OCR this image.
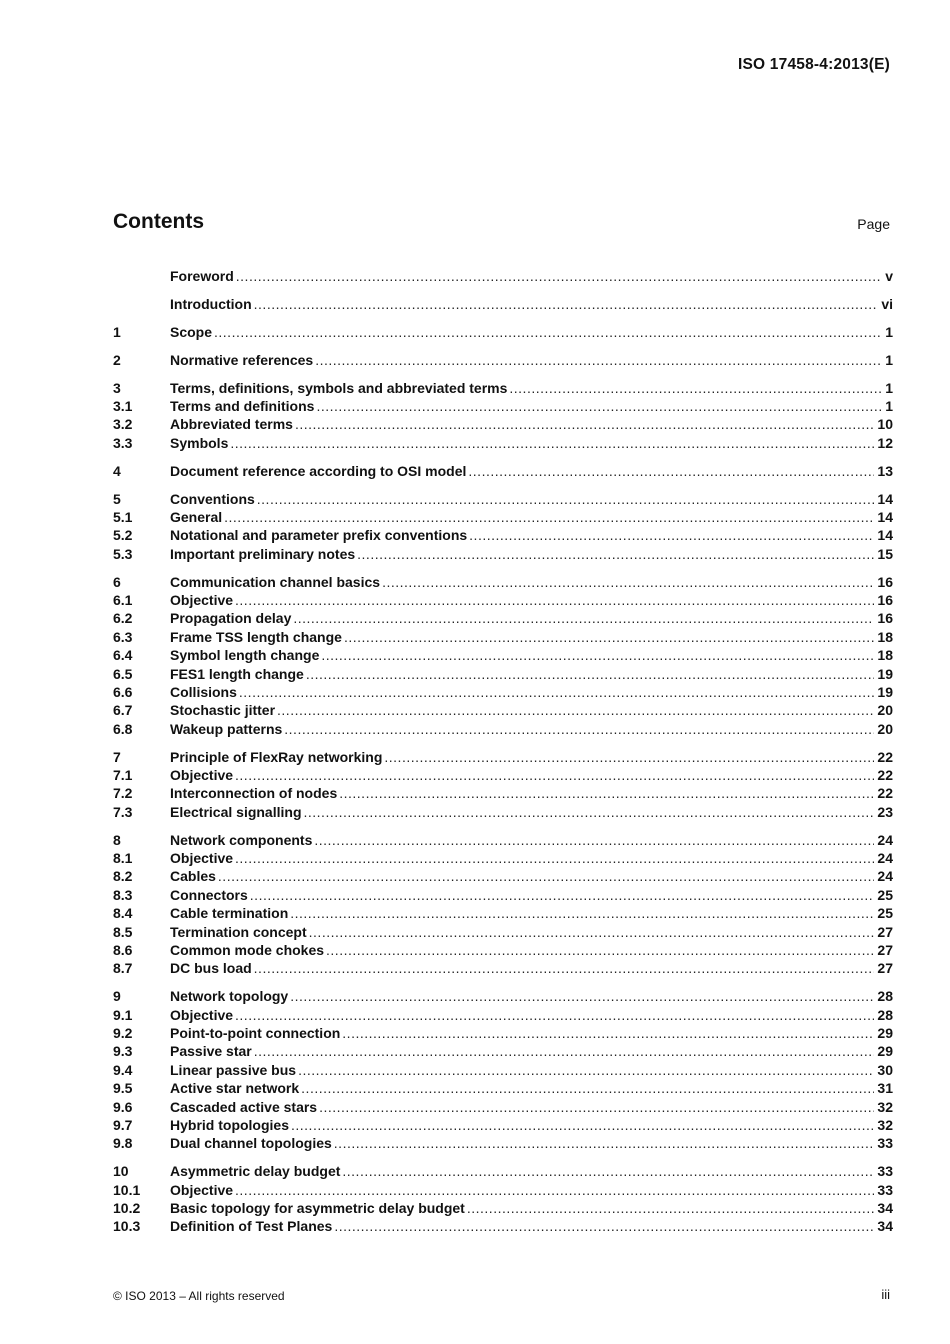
ISO 17458-4:2013(E)
Contents	Page
Foreword .....	v
Introduction .....	vi
1	Scope .....	1
2	Normative references .....	1
3	Terms, definitions, symbols and abbreviated terms .....	1
3.1	Terms and definitions .....	1
3.2	Abbreviated terms .....	10
3.3	Symbols .....	12
4	Document reference according to OSI model .....	13
5	Conventions .....	14
5.1	General .....	14
5.2	Notational and parameter prefix conventions .....	14
5.3	Important preliminary notes .....	15
6	Communication channel basics .....	16
6.1	Objective .....	16
6.2	Propagation delay .....	16
6.3	Frame TSS length change .....	18
6.4	Symbol length change .....	18
6.5	FES1 length change .....	19
6.6	Collisions .....	19
6.7	Stochastic jitter .....	20
6.8	Wakeup patterns .....	20
7	Principle of FlexRay networking .....	22
7.1	Objective .....	22
7.2	Interconnection of nodes .....	22
7.3	Electrical signalling .....	23
8	Network components .....	24
8.1	Objective .....	24
8.2	Cables .....	24
8.3	Connectors .....	25
8.4	Cable termination .....	25
8.5	Termination concept .....	27
8.6	Common mode chokes .....	27
8.7	DC bus load .....	27
9	Network topology .....	28
9.1	Objective .....	28
9.2	Point-to-point connection .....	29
9.3	Passive star .....	29
9.4	Linear passive bus .....	30
9.5	Active star network .....	31
9.6	Cascaded active stars .....	32
9.7	Hybrid topologies .....	32
9.8	Dual channel topologies .....	33
10	Asymmetric delay budget .....	33
10.1	Objective .....	33
10.2	Basic topology for asymmetric delay budget .....	34
10.3	Definition of Test Planes .....	34
© ISO 2013 – All rights reserved	iii
